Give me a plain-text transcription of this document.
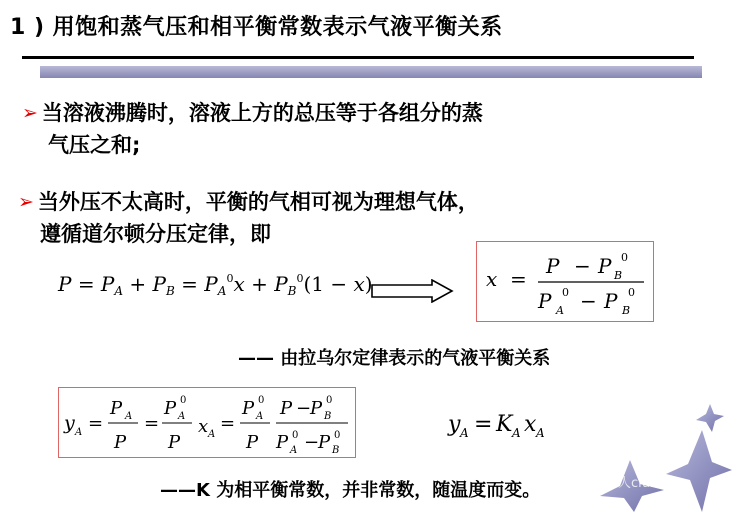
1 ) 用饱和蒸气压和相平衡常数表示气液平衡关系
➢ 当溶液沸腾时，溶液上方的总压等于各组分的蒸
气压之和;
➢ 当外压不太高时，平衡的气相可视为理想气体，
遵循道尔顿分压定律，即
$P = P_A + P_B = P_A^0x + P_B^0(1 - x)$	x =
P − P B
0
P A
0 − P B
0
—— 由拉乌尔定律表示的气液平衡关系
y A =
P A
P
=
P A
0
P
x A
=
P A
0
P
P −
P B
0
P A
0 −
P B
0	y A = K A x A
化工人club
——K 为相平衡常数，并非常数，随温度而变。
